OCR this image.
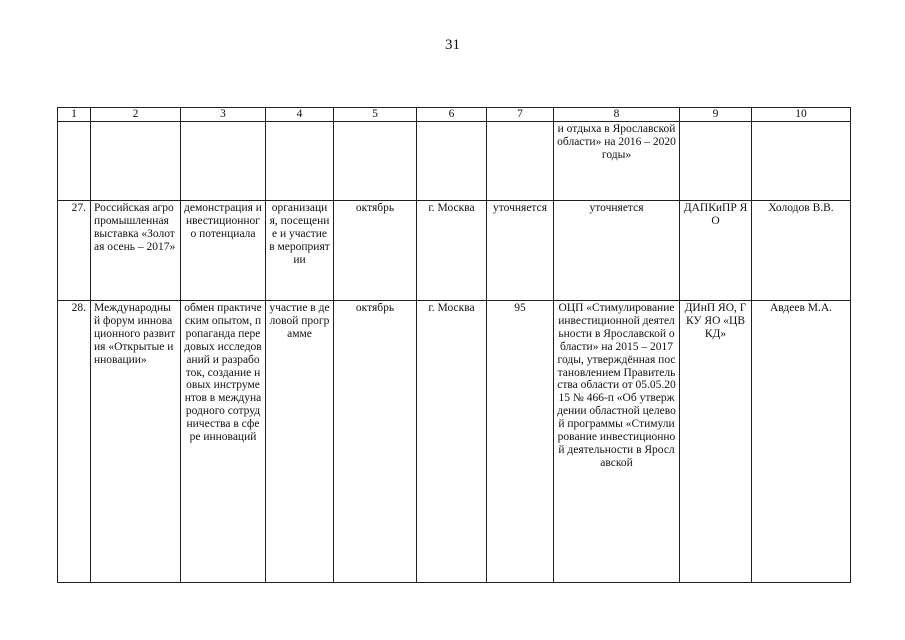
31
1	2	3	4	5	6	7	8	9	10
							и отдыха в Ярославской области» на 2016 – 2020 годы»		
27.	Российская агропромышленная выставка «Золотая осень – 2017»	демонстрация инвестиционного потенциала	организация, посещение и участие в мероприятии	октябрь	г. Москва	уточняется	уточняется	ДАПКиПР ЯО	Холодов В.В.
28.	Международный форум инновационного развития «Открытые инновации»	обмен практическим опытом, пропаганда передовых исследований и разработок, создание новых инструментов в международного сотрудничества в сфере инноваций	участие в деловой программе	октябрь	г. Москва	95	ОЦП «Стимулирование инвестиционной деятельности в Ярославской области» на 2015 – 2017 годы, утверждённая постановлением Правительства области от 05.05.2015 № 466-п «Об утверждении областной целевой программы «Стимулирование инвестиционной деятельности в Ярославской	ДИнП ЯО, ГКУ ЯО «ЦВКД»	Авдеев М.А.
